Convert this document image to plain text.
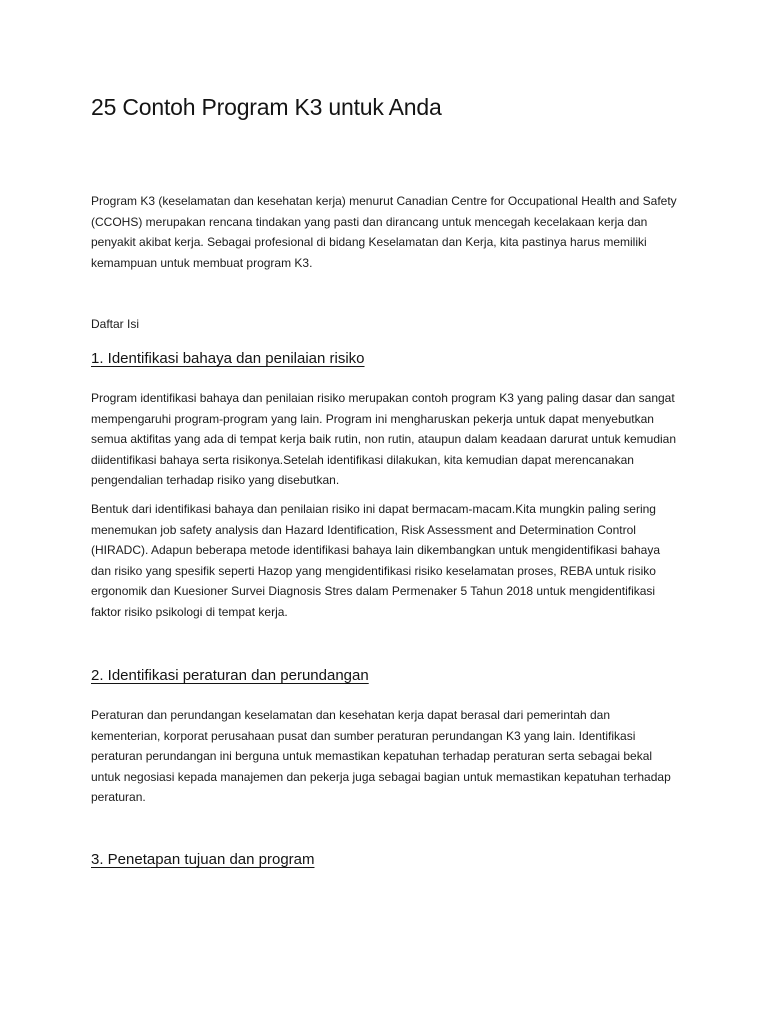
25 Contoh Program K3 untuk Anda

Program K3 (keselamatan dan kesehatan kerja) menurut Canadian Centre for Occupational Health and Safety (CCOHS) merupakan rencana tindakan yang pasti dan dirancang untuk mencegah kecelakaan kerja dan penyakit akibat kerja. Sebagai profesional di bidang Keselamatan dan Kerja, kita pastinya harus memiliki kemampuan untuk membuat program K3.

Daftar Isi

1. Identifikasi bahaya dan penilaian risiko

Program identifikasi bahaya dan penilaian risiko merupakan contoh program K3 yang paling dasar dan sangat mempengaruhi program-program yang lain. Program ini mengharuskan pekerja untuk dapat menyebutkan semua aktifitas yang ada di tempat kerja baik rutin, non rutin, ataupun dalam keadaan darurat untuk kemudian diidentifikasi bahaya serta risikonya.Setelah identifikasi dilakukan, kita kemudian dapat merencanakan pengendalian terhadap risiko yang disebutkan.

Bentuk dari identifikasi bahaya dan penilaian risiko ini dapat bermacam-macam.Kita mungkin paling sering menemukan job safety analysis dan Hazard Identification, Risk Assessment and Determination Control (HIRADC). Adapun beberapa metode identifikasi bahaya lain dikembangkan untuk mengidentifikasi bahaya dan risiko yang spesifik seperti Hazop yang mengidentifikasi risiko keselamatan proses, REBA untuk risiko ergonomik dan Kuesioner Survei Diagnosis Stres dalam Permenaker 5 Tahun 2018 untuk mengidentifikasi faktor risiko psikologi di tempat kerja.

2. Identifikasi peraturan dan perundangan

Peraturan dan perundangan keselamatan dan kesehatan kerja dapat berasal dari pemerintah dan kementerian, korporat perusahaan pusat dan sumber peraturan perundangan K3 yang lain. Identifikasi peraturan perundangan ini berguna untuk memastikan kepatuhan terhadap peraturan serta sebagai bekal untuk negosiasi kepada manajemen dan pekerja juga sebagai bagian untuk memastikan kepatuhan terhadap peraturan.

3. Penetapan tujuan dan program
